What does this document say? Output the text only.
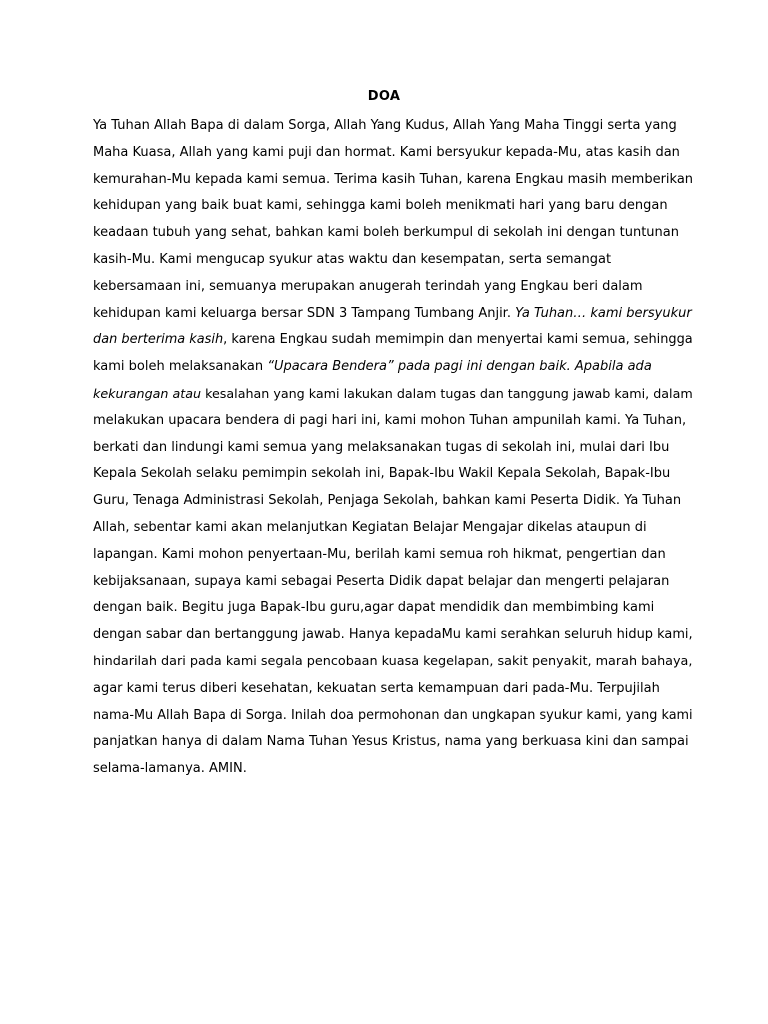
DOA
Ya Tuhan Allah Bapa di dalam Sorga, Allah Yang Kudus, Allah Yang Maha Tinggi serta yang
Maha Kuasa, Allah yang kami puji dan hormat. Kami bersyukur kepada-Mu, atas kasih dan
kemurahan-Mu kepada kami semua. Terima kasih Tuhan, karena Engkau masih memberikan
kehidupan yang baik buat kami, sehingga kami boleh menikmati hari yang baru dengan
keadaan tubuh yang sehat, bahkan kami boleh berkumpul di sekolah ini dengan tuntunan
kasih-Mu. Kami mengucap syukur atas waktu dan kesempatan, serta semangat
kebersamaan ini, semuanya merupakan anugerah terindah yang Engkau beri dalam
kehidupan kami keluarga bersar SDN 3 Tampang Tumbang Anjir. Ya Tuhan… kami bersyukur
dan berterima kasih, karena Engkau sudah memimpin dan menyertai kami semua, sehingga
kami boleh melaksanakan “Upacara Bendera” pada pagi ini dengan baik. Apabila ada
kekurangan atau kesalahan yang kami lakukan dalam tugas dan tanggung jawab kami, dalam
melakukan upacara bendera di pagi hari ini, kami mohon Tuhan ampunilah kami. Ya Tuhan,
berkati dan lindungi kami semua yang melaksanakan tugas di sekolah ini, mulai dari Ibu
Kepala Sekolah selaku pemimpin sekolah ini, Bapak-Ibu Wakil Kepala Sekolah, Bapak-Ibu
Guru, Tenaga Administrasi Sekolah, Penjaga Sekolah, bahkan kami Peserta Didik. Ya Tuhan
Allah, sebentar kami akan melanjutkan Kegiatan Belajar Mengajar dikelas ataupun di
lapangan. Kami mohon penyertaan-Mu, berilah kami semua roh hikmat, pengertian dan
kebijaksanaan, supaya kami sebagai Peserta Didik dapat belajar dan mengerti pelajaran
dengan baik. Begitu juga Bapak-Ibu guru,agar dapat mendidik dan membimbing kami
dengan sabar dan bertanggung jawab. Hanya kepadaMu kami serahkan seluruh hidup kami,
hindarilah dari pada kami segala pencobaan kuasa kegelapan, sakit penyakit, marah bahaya,
agar kami terus diberi kesehatan, kekuatan serta kemampuan dari pada-Mu. Terpujilah
nama-Mu Allah Bapa di Sorga. Inilah doa permohonan dan ungkapan syukur kami, yang kami
panjatkan hanya di dalam Nama Tuhan Yesus Kristus, nama yang berkuasa kini dan sampai
selama-lamanya. AMIN.
